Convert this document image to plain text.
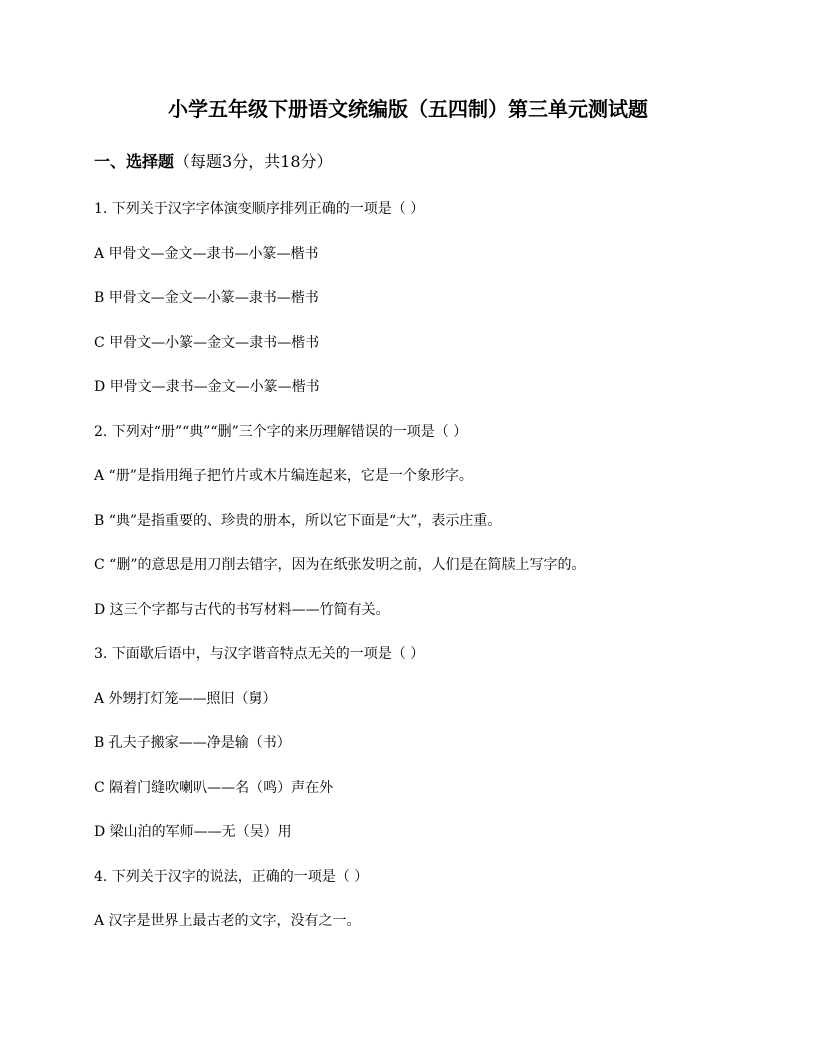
小学五年级下册语文统编版（五四制）第三单元测试题
一、选择题（每题3分，共18分）
1. 下列关于汉字字体演变顺序排列正确的一项是（ ）
A 甲骨文—金文—隶书—小篆—楷书
B 甲骨文—金文—小篆—隶书—楷书
C 甲骨文—小篆—金文—隶书—楷书
D 甲骨文—隶书—金文—小篆—楷书
2. 下列对“册”“典”“删”三个字的来历理解错误的一项是（ ）
A “册”是指用绳子把竹片或木片编连起来，它是一个象形字。
B “典”是指重要的、珍贵的册本，所以它下面是“大”，表示庄重。
C “删”的意思是用刀削去错字，因为在纸张发明之前，人们是在简牍上写字的。
D 这三个字都与古代的书写材料——竹简有关。
3. 下面歇后语中，与汉字谐音特点无关的一项是（ ）
A 外甥打灯笼——照旧（舅）
B 孔夫子搬家——净是输（书）
C 隔着门缝吹喇叭——名（鸣）声在外
D 梁山泊的军师——无（吴）用
4. 下列关于汉字的说法，正确的一项是（ ）
A 汉字是世界上最古老的文字，没有之一。
